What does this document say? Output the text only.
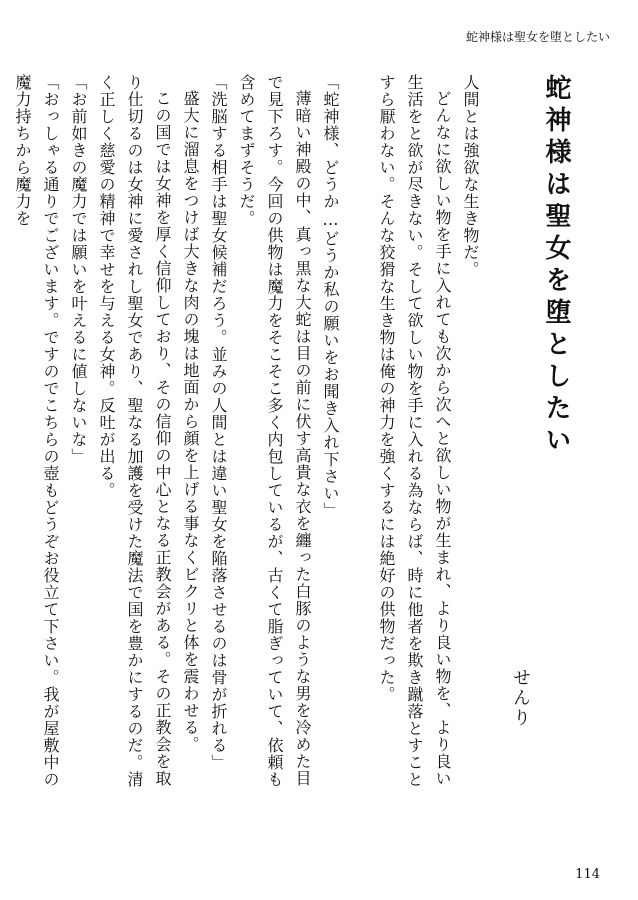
蛇神様は聖女を堕としたい
蛇神様は聖女を堕としたい
せんり
人間とは強欲な生き物だ。
どんなに欲しい物を手に入れても次から次へと欲しい物が生まれ、より良い物を、より良い生活をと欲が尽きない。そして欲しい物を手に入れる為ならば、時に他者を欺き蹴落とすことすら厭わない。そんな狡猾な生き物は俺の神力を強くするには絶好の供物だった。
「蛇神様、どうか…どうか私の願いをお聞き入れ下さい」
薄暗い神殿の中、真っ黒な大蛇は目の前に伏す高貴な衣を纏った白豚のような男を冷めた目で見下ろす。今回の供物は魔力をそこそこ多く内包しているが、古くて脂ぎっていて、依頼も含めてまずそうだ。
「洗脳する相手は聖女候補だろう。並みの人間とは違い聖女を陥落させるのは骨が折れる」
盛大に溜息をつけば大きな肉の塊は地面から顔を上げる事なくビクリと体を震わせる。
この国では女神を厚く信仰しており、その信仰の中心となる正教会がある。その正教会を取り仕切るのは女神に愛されし聖女であり、聖なる加護を受けた魔法で国を豊かにするのだ。清く正しく慈愛の精神で幸せを与える女神。反吐が出る。
「お前如きの魔力では願いを叶えるに値しないな」
「おっしゃる通りでございます。ですのでこちらの壺もどうぞお役立て下さい。我が屋敷中の魔力持ちから魔力を
114
